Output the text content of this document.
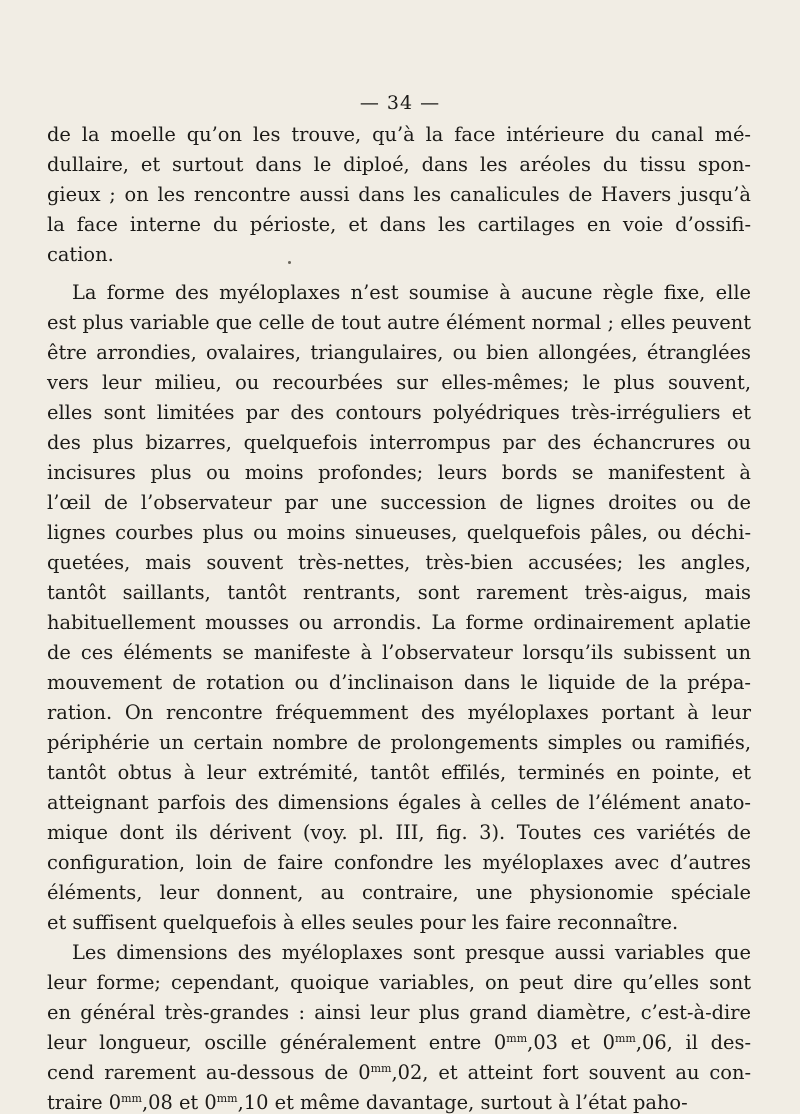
— 34 —
de la moelle qu’on les trouve, qu’à la face intérieure du canal mé-
dullaire, et surtout dans le diploé, dans les aréoles du tissu spon-
gieux ; on les rencontre aussi dans les canalicules de Havers jusqu’à
la face interne du périoste, et dans les cartilages en voie d’ossifi-
cation.
La forme des myéloplaxes n’est soumise à aucune règle fixe, elle
est plus variable que celle de tout autre élément normal ; elles peuvent
être arrondies, ovalaires, triangulaires, ou bien allongées, étranglées
vers leur milieu, ou recourbées sur elles-mêmes; le plus souvent,
elles sont limitées par des contours polyédriques très-irréguliers et
des plus bizarres, quelquefois interrompus par des échancrures ou
incisures plus ou moins profondes; leurs bords se manifestent à
l’œil de l’observateur par une succession de lignes droites ou de
lignes courbes plus ou moins sinueuses, quelquefois pâles, ou déchi-
quetées, mais souvent très-nettes, très-bien accusées; les angles,
tantôt saillants, tantôt rentrants, sont rarement très-aigus, mais
habituellement mousses ou arrondis. La forme ordinairement aplatie
de ces éléments se manifeste à l’observateur lorsqu’ils subissent un
mouvement de rotation ou d’inclinaison dans le liquide de la prépa-
ration. On rencontre fréquemment des myéloplaxes portant à leur
périphérie un certain nombre de prolongements simples ou ramifiés,
tantôt obtus à leur extrémité, tantôt effilés, terminés en pointe, et
atteignant parfois des dimensions égales à celles de l’élément anato-
mique dont ils dérivent (voy. pl. III, fig. 3). Toutes ces variétés de
configuration, loin de faire confondre les myéloplaxes avec d’autres
éléments, leur donnent, au contraire, une physionomie spéciale
et suffisent quelquefois à elles seules pour les faire reconnaître.
Les dimensions des myéloplaxes sont presque aussi variables que
leur forme; cependant, quoique variables, on peut dire qu’elles sont
en général très-grandes : ainsi leur plus grand diamètre, c’est-à-dire
leur longueur, oscille généralement entre $0^{mm},03$ et $0^{mm},06$, il des-
cend rarement au-dessous de $0^{mm},02$, et atteint fort souvent au con-
traire $0^{mm},08$ et $0^{mm},10$ et même davantage, surtout à l’état paho-
